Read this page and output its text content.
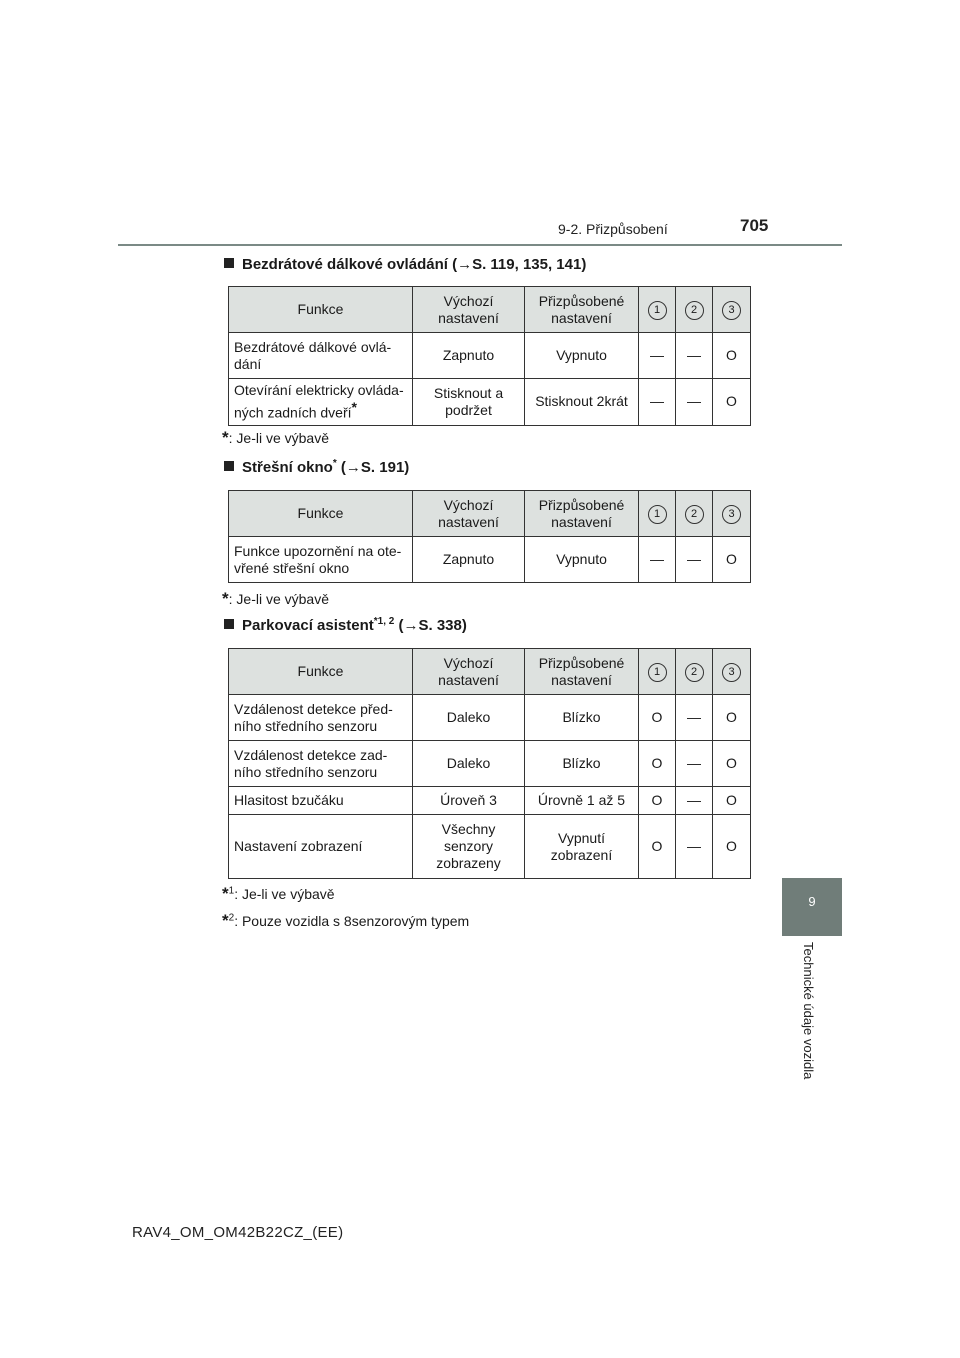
9-2. Přizpůsobení	705
9
Technické údaje vozidla
Bezdrátové dálkové ovládání (→S. 119, 135, 141)
Funkce	Výchozí nastavení	Přizpůsobené nastavení	1	2	3
Bezdrátové dálkové ovládání	Zapnuto	Vypnuto	—	—	O
Otevírání elektricky ovládaných zadních dveří*	Stisknout a podržet	Stisknout 2krát	—	—	O
*: Je-li ve výbavě
Střešní okno* (→S. 191)
Funkce	Výchozí nastavení	Přizpůsobené nastavení	1	2	3
Funkce upozornění na otevřené střešní okno	Zapnuto	Vypnuto	—	—	O
*: Je-li ve výbavě
Parkovací asistent$^{*1, 2}$ (→S. 338)
Funkce	Výchozí nastavení	Přizpůsobené nastavení	1	2	3
Vzdálenost detekce předního středního senzoru	Daleko	Blízko	O	—	O
Vzdálenost detekce zadního středního senzoru	Daleko	Blízko	O	—	O
Hlasitost bzučáku	Úroveň 3	Úrovně 1 až 5	O	—	O
Nastavení zobrazení	Všechny senzory zobrazeny	Vypnutí zobrazení	O	—	O
*$^1$: Je-li ve výbavě
*$^2$: Pouze vozidla s 8senzorovým typem
RAV4_OM_OM42B22CZ_(EE)
